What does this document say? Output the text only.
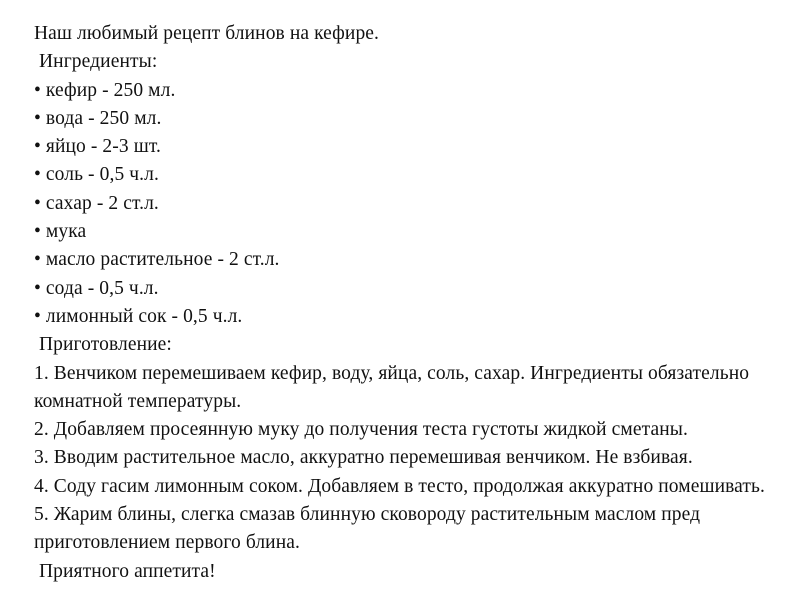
Наш любимый рецепт блинов на кефире.
Ингредиенты:
• кефир - 250 мл.
• вода - 250 мл.
• яйцо - 2-3 шт.
• соль - 0,5 ч.л.
• сахар - 2 ст.л.
• мука
• масло растительное - 2 ст.л.
• сода - 0,5 ч.л.
• лимонный сок - 0,5 ч.л.
Приготовление:
1. Венчиком перемешиваем кефир, воду, яйца, соль, сахар. Ингредиенты обязательно комнатной температуры.
2. Добавляем просеянную муку до получения теста густоты жидкой сметаны.
3. Вводим растительное масло, аккуратно перемешивая венчиком. Не взбивая.
4. Соду гасим лимонным соком. Добавляем в тесто, продолжая аккуратно помешивать.
5. Жарим блины, слегка смазав блинную сковороду растительным маслом пред приготовлением первого блина.
Приятного аппетита!
